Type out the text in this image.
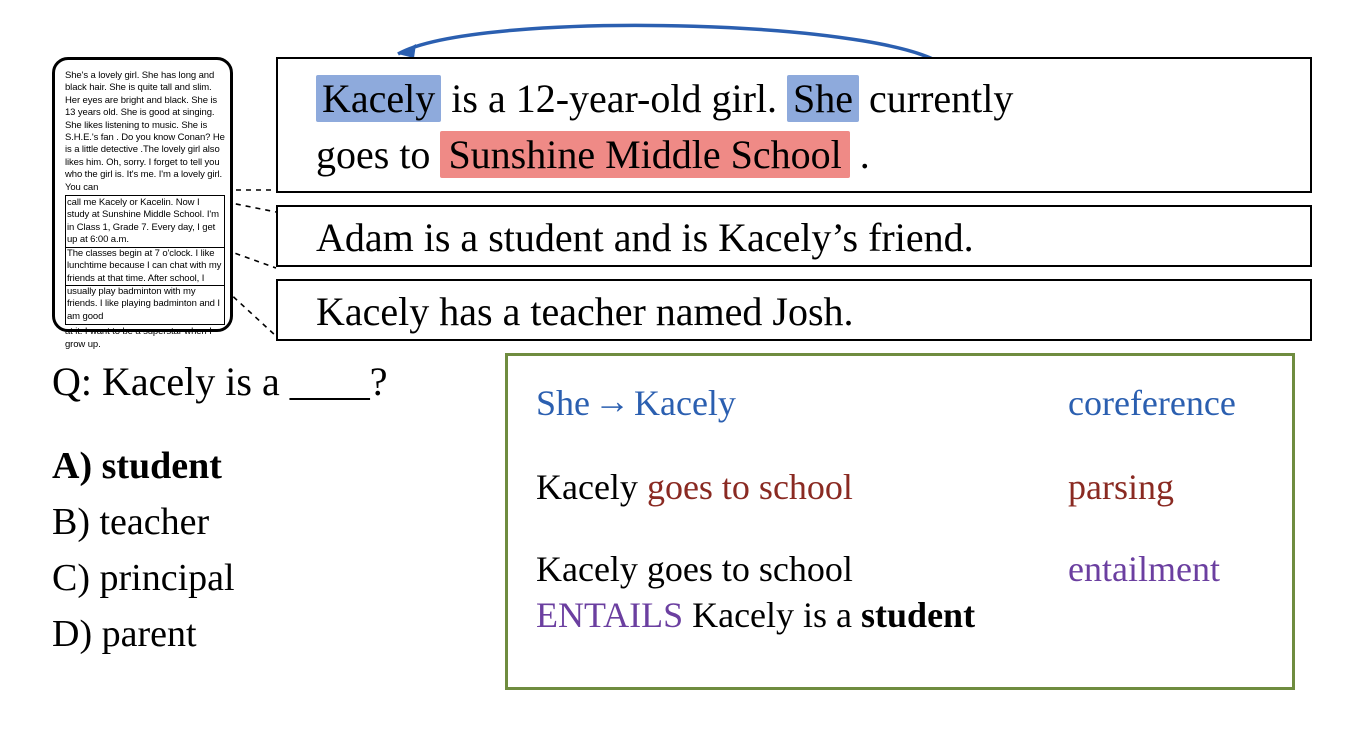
She's a lovely girl. She has long and black hair. She is quite tall and slim. Her eyes are bright and black. She is 13 years old. She is good at singing. She likes listening to music. She is S.H.E.'s fan . Do you know Conan? He is a little detective .The lovely girl also likes him. Oh, sorry. I forget to tell you who the girl is. It's me. I'm a lovely girl. You can
call me Kacely or Kacelin. Now I study at Sunshine Middle School. I'm in Class 1, Grade 7. Every day, I get up at 6:00 a.m.
The classes begin at 7 o'clock. I like lunchtime because I can chat with my friends at that time. After school, I
usually play badminton with my friends. I like playing badminton and I am good
at it. I want to be a superstar when I grow up.
Kacely is a 12-year-old girl. She currently
goes to Sunshine Middle School .
Adam is a student and is Kacely’s friend.
Kacely has a teacher named Josh.
Q: Kacely is a ____?
A) student
B) teacher
C) principal
D) parent
She → Kacely	coreference
Kacely goes to school	parsing
Kacely goes to school
ENTAILS Kacely is a student
entailment
